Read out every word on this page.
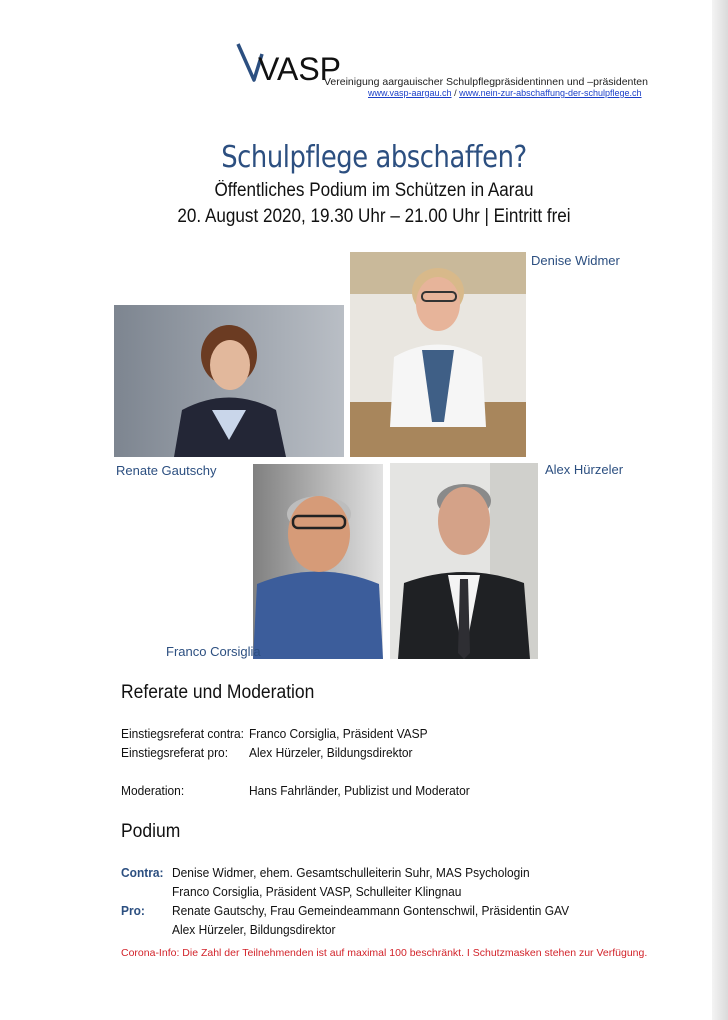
VASP
Vereinigung aargauischer Schulpflegpräsidentinnen und –präsidenten
www.vasp-aargau.ch / www.nein-zur-abschaffung-der-schulpflege.ch
Schulpflege abschaffen?
Öffentliches Podium im Schützen in Aarau
20. August 2020, 19.30 Uhr – 21.00 Uhr | Eintritt frei
Denise Widmer
Renate Gautschy	Alex Hürzeler
Franco Corsiglia
Referate und Moderation
Einstiegsreferat contra: Franco Corsiglia, Präsident VASP
Einstiegsreferat pro: Alex Hürzeler, Bildungsdirektor
Moderation:	Hans Fahrländer, Publizist und Moderator
Podium
Contra: Denise Widmer, ehem. Gesamtschulleiterin Suhr, MAS Psychologin
Franco Corsiglia, Präsident VASP, Schulleiter Klingnau
Pro: Renate Gautschy, Frau Gemeindeammann Gontenschwil, Präsidentin GAV
Alex Hürzeler, Bildungsdirektor
Corona-Info: Die Zahl der Teilnehmenden ist auf maximal 100 beschränkt. I Schutzmasken stehen zur Verfügung.
